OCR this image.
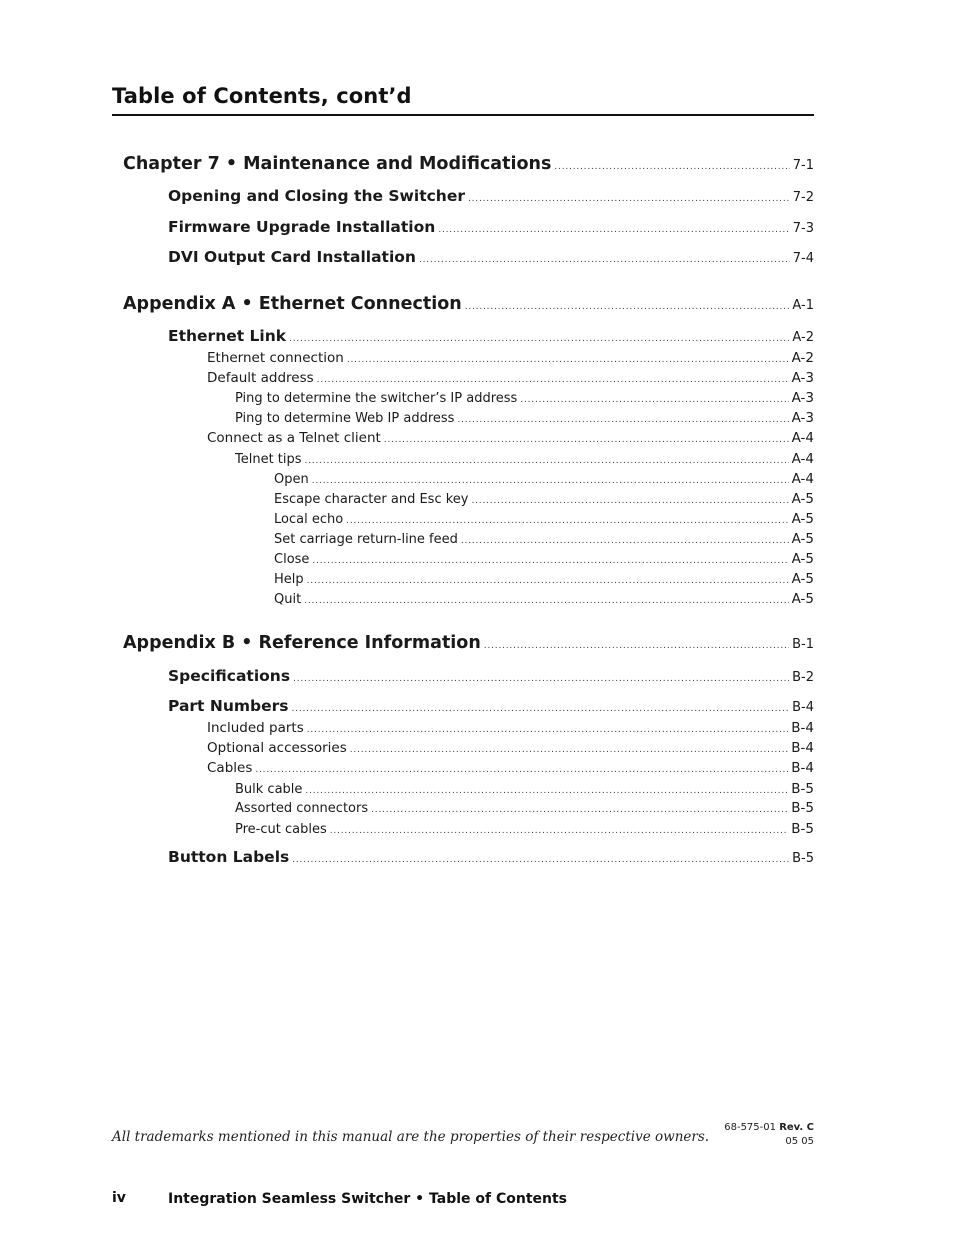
Table of Contents, cont’d
Chapter 7 • Maintenance and Modifications .....	7-1
Opening and Closing the Switcher .....	7-2
Firmware Upgrade Installation .....	7-3
DVI Output Card Installation .....	7-4
Appendix A • Ethernet Connection .....	A-1
Ethernet Link .....	A-2
Ethernet connection .....	A-2
Default address .....	A-3
Ping to determine the switcher’s IP address .....	A-3
Ping to determine Web IP address .....	A-3
Connect as a Telnet client .....	A-4
Telnet tips .....	A-4
Open .....	A-4
Escape character and Esc key .....	A-5
Local echo .....	A-5
Set carriage return-line feed .....	A-5
Close .....	A-5
Help .....	A-5
Quit .....	A-5
Appendix B • Reference Information .....	B-1
Specifications .....	B-2
Part Numbers .....	B-4
Included parts .....	B-4
Optional accessories .....	B-4
Cables .....	B-4
Bulk cable .....	B-5
Assorted connectors .....	B-5
Pre-cut cables .....	B-5
Button Labels .....	B-5
All trademarks mentioned in this manual are the properties of their respective owners.
68-575-01 Rev. C
05 05
iv	Integration Seamless Switcher • Table of Contents
